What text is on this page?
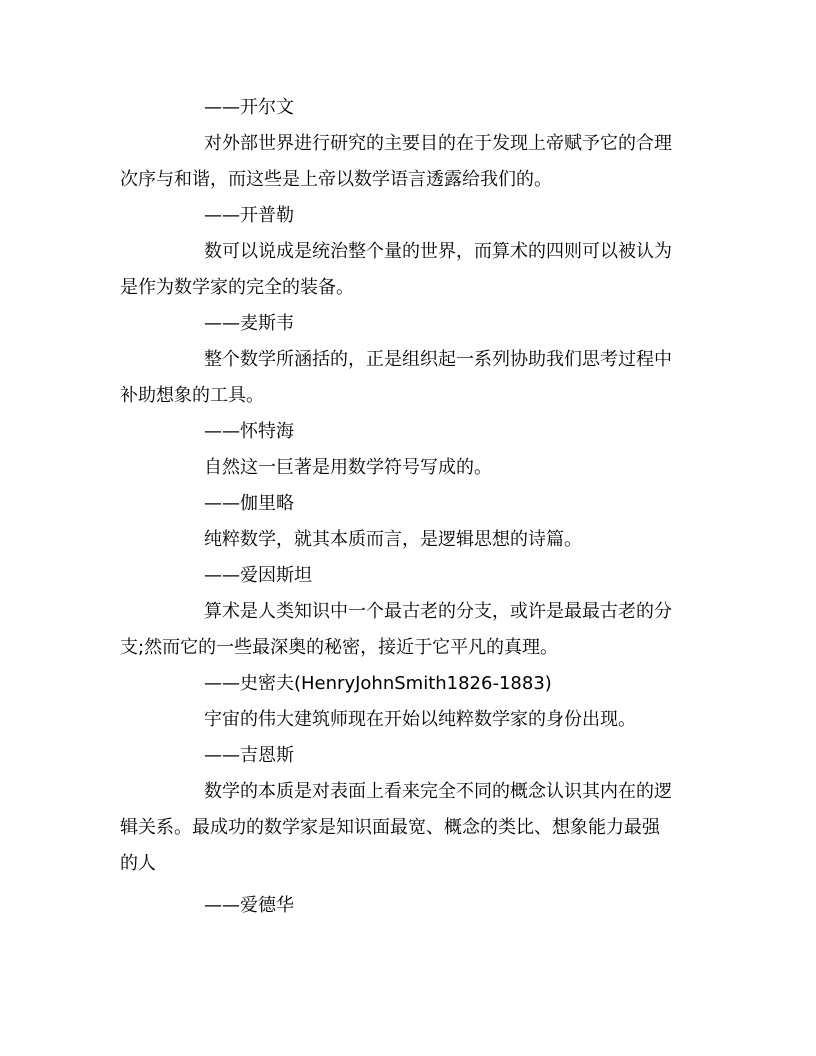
——开尔文
对外部世界进行研究的主要目的在于发现上帝赋予它的合理
次序与和谐，而这些是上帝以数学语言透露给我们的。
——开普勒
数可以说成是统治整个量的世界，而算术的四则可以被认为
是作为数学家的完全的装备。
——麦斯韦
整个数学所涵括的，正是组织起一系列协助我们思考过程中
补助想象的工具。
——怀特海
自然这一巨著是用数学符号写成的。
——伽里略
纯粹数学，就其本质而言，是逻辑思想的诗篇。
——爱因斯坦
算术是人类知识中一个最古老的分支，或许是最最古老的分
支;然而它的一些最深奥的秘密，接近于它平凡的真理。
——史密夫(HenryJohnSmith1826-1883)
宇宙的伟大建筑师现在开始以纯粹数学家的身份出现。
——吉恩斯
数学的本质是对表面上看来完全不同的概念认识其内在的逻
辑关系。最成功的数学家是知识面最宽、概念的类比、想象能力最强
的人
——爱德华
